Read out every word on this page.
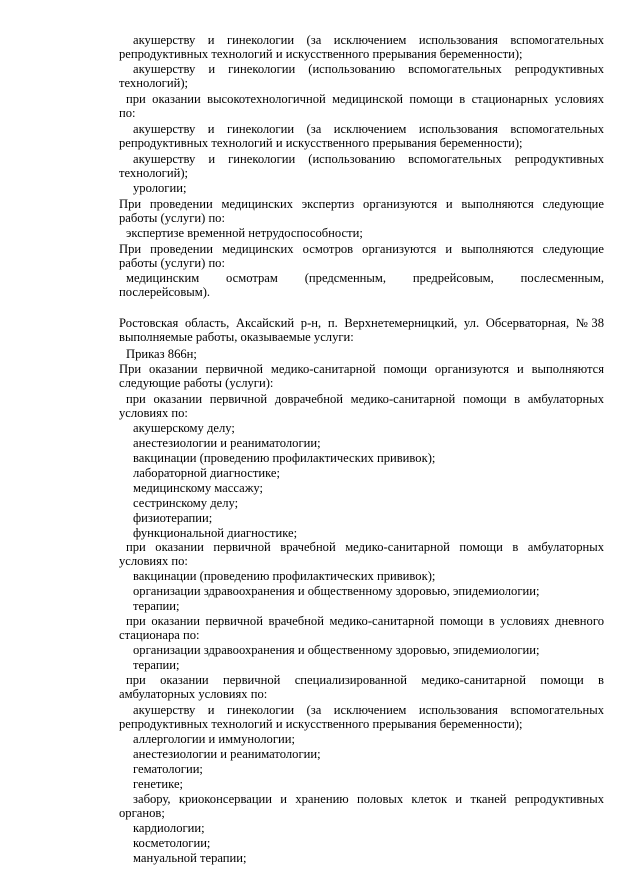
акушерству и гинекологии (за исключением использования вспомогательных
репродуктивных технологий и искусственного прерывания беременности);
акушерству и гинекологии (использованию вспомогательных репродуктивных
технологий);
при оказании высокотехнологичной медицинской помощи в стационарных условиях
по:
акушерству и гинекологии (за исключением использования вспомогательных
репродуктивных технологий и искусственного прерывания беременности);
акушерству и гинекологии (использованию вспомогательных репродуктивных
технологий);
урологии;
При проведении медицинских экспертиз организуются и выполняются следующие
работы (услуги) по:
экспертизе временной нетрудоспособности;
При проведении медицинских осмотров организуются и выполняются следующие
работы (услуги) по:
медицинским осмотрам (предсменным, предрейсовым, послесменным,
послерейсовым).
Ростовская область, Аксайский р-н, п. Верхнетемерницкий, ул. Обсерваторная, №38
выполняемые работы, оказываемые услуги:
Приказ 866н;
При оказании первичной медико-санитарной помощи организуются и выполняются
следующие работы (услуги):
при оказании первичной доврачебной медико-санитарной помощи в амбулаторных
условиях по:
акушерскому делу;
анестезиологии и реаниматологии;
вакцинации (проведению профилактических прививок);
лабораторной диагностике;
медицинскому массажу;
сестринскому делу;
физиотерапии;
функциональной диагностике;
при оказании первичной врачебной медико-санитарной помощи в амбулаторных
условиях по:
вакцинации (проведению профилактических прививок);
организации здравоохранения и общественному здоровью, эпидемиологии;
терапии;
при оказании первичной врачебной медико-санитарной помощи в условиях дневного
стационара по:
организации здравоохранения и общественному здоровью, эпидемиологии;
терапии;
при оказании первичной специализированной медико-санитарной помощи в
амбулаторных условиях по:
акушерству и гинекологии (за исключением использования вспомогательных
репродуктивных технологий и искусственного прерывания беременности);
аллергологии и иммунологии;
анестезиологии и реаниматологии;
гематологии;
генетике;
забору, криоконсервации и хранению половых клеток и тканей репродуктивных
органов;
кардиологии;
косметологии;
мануальной терапии;
